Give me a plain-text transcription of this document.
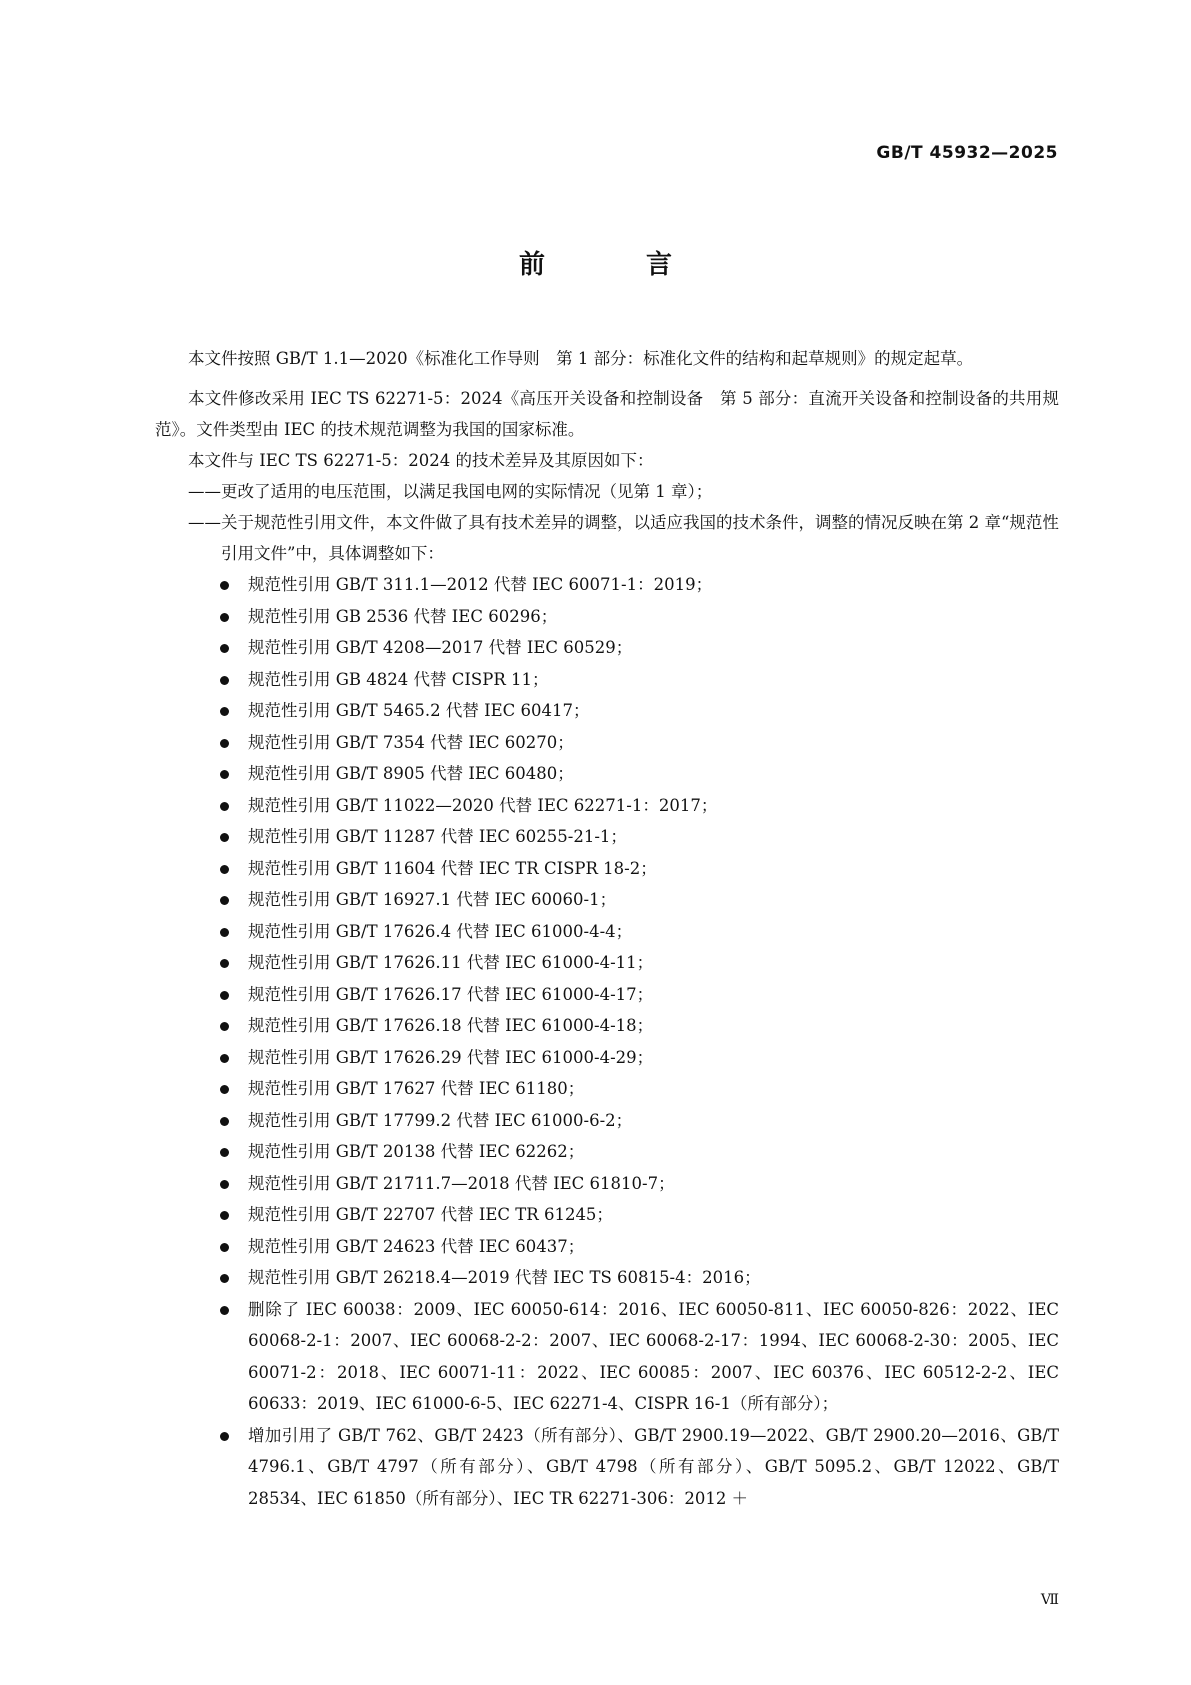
GB/T 45932—2025
前 言

本文件按照 GB/T 1.1—2020《标准化工作导则　第 1 部分：标准化文件的结构和起草规则》的规定起草。

本文件修改采用 IEC TS 62271-5：2024《高压开关设备和控制设备　第 5 部分：直流开关设备和控制设备的共用规范》。文件类型由 IEC 的技术规范调整为我国的国家标准。

本文件与 IEC TS 62271-5：2024 的技术差异及其原因如下：

—— 更改了适用的电压范围，以满足我国电网的实际情况（见第 1 章）；
—— 关于规范性引用文件，本文件做了具有技术差异的调整，以适应我国的技术条件，调整的情况反映在第 2 章“规范性引用文件”中，具体调整如下：
规范性引用 GB/T 311.1—2012 代替 IEC 60071-1：2019；
规范性引用 GB 2536 代替 IEC 60296；
规范性引用 GB/T 4208—2017 代替 IEC 60529；
规范性引用 GB 4824 代替 CISPR 11；
规范性引用 GB/T 5465.2 代替 IEC 60417；
规范性引用 GB/T 7354 代替 IEC 60270；
规范性引用 GB/T 8905 代替 IEC 60480；
规范性引用 GB/T 11022—2020 代替 IEC 62271-1：2017；
规范性引用 GB/T 11287 代替 IEC 60255-21-1；
规范性引用 GB/T 11604 代替 IEC TR CISPR 18-2；
规范性引用 GB/T 16927.1 代替 IEC 60060-1；
规范性引用 GB/T 17626.4 代替 IEC 61000-4-4；
规范性引用 GB/T 17626.11 代替 IEC 61000-4-11；
规范性引用 GB/T 17626.17 代替 IEC 61000-4-17；
规范性引用 GB/T 17626.18 代替 IEC 61000-4-18；
规范性引用 GB/T 17626.29 代替 IEC 61000-4-29；
规范性引用 GB/T 17627 代替 IEC 61180；
规范性引用 GB/T 17799.2 代替 IEC 61000-6-2；
规范性引用 GB/T 20138 代替 IEC 62262；
规范性引用 GB/T 21711.7—2018 代替 IEC 61810-7；
规范性引用 GB/T 22707 代替 IEC TR 61245；
规范性引用 GB/T 24623 代替 IEC 60437；
规范性引用 GB/T 26218.4—2019 代替 IEC TS 60815-4：2016；
删除了 IEC 60038：2009、IEC 60050-614：2016、IEC 60050-811、IEC 60050-826：2022、IEC 60068-2-1：2007、IEC 60068-2-2：2007、IEC 60068-2-17：1994、IEC 60068-2-30：2005、IEC 60071-2：2018、IEC 60071-11：2022、IEC 60085：2007、IEC 60376、IEC 60512-2-2、IEC 60633：2019、IEC 61000-6-5、IEC 62271-4、CISPR 16-1（所有部分）；
增加引用了 GB/T 762、GB/T 2423（所有部分）、GB/T 2900.19—2022、GB/T 2900.20—2016、GB/T 4796.1、GB/T 4797（所有部分）、GB/T 4798（所有部分）、GB/T 5095.2、GB/T 12022、GB/T 28534、IEC 61850（所有部分）、IEC TR 62271-306：2012 ＋
Ⅶ
